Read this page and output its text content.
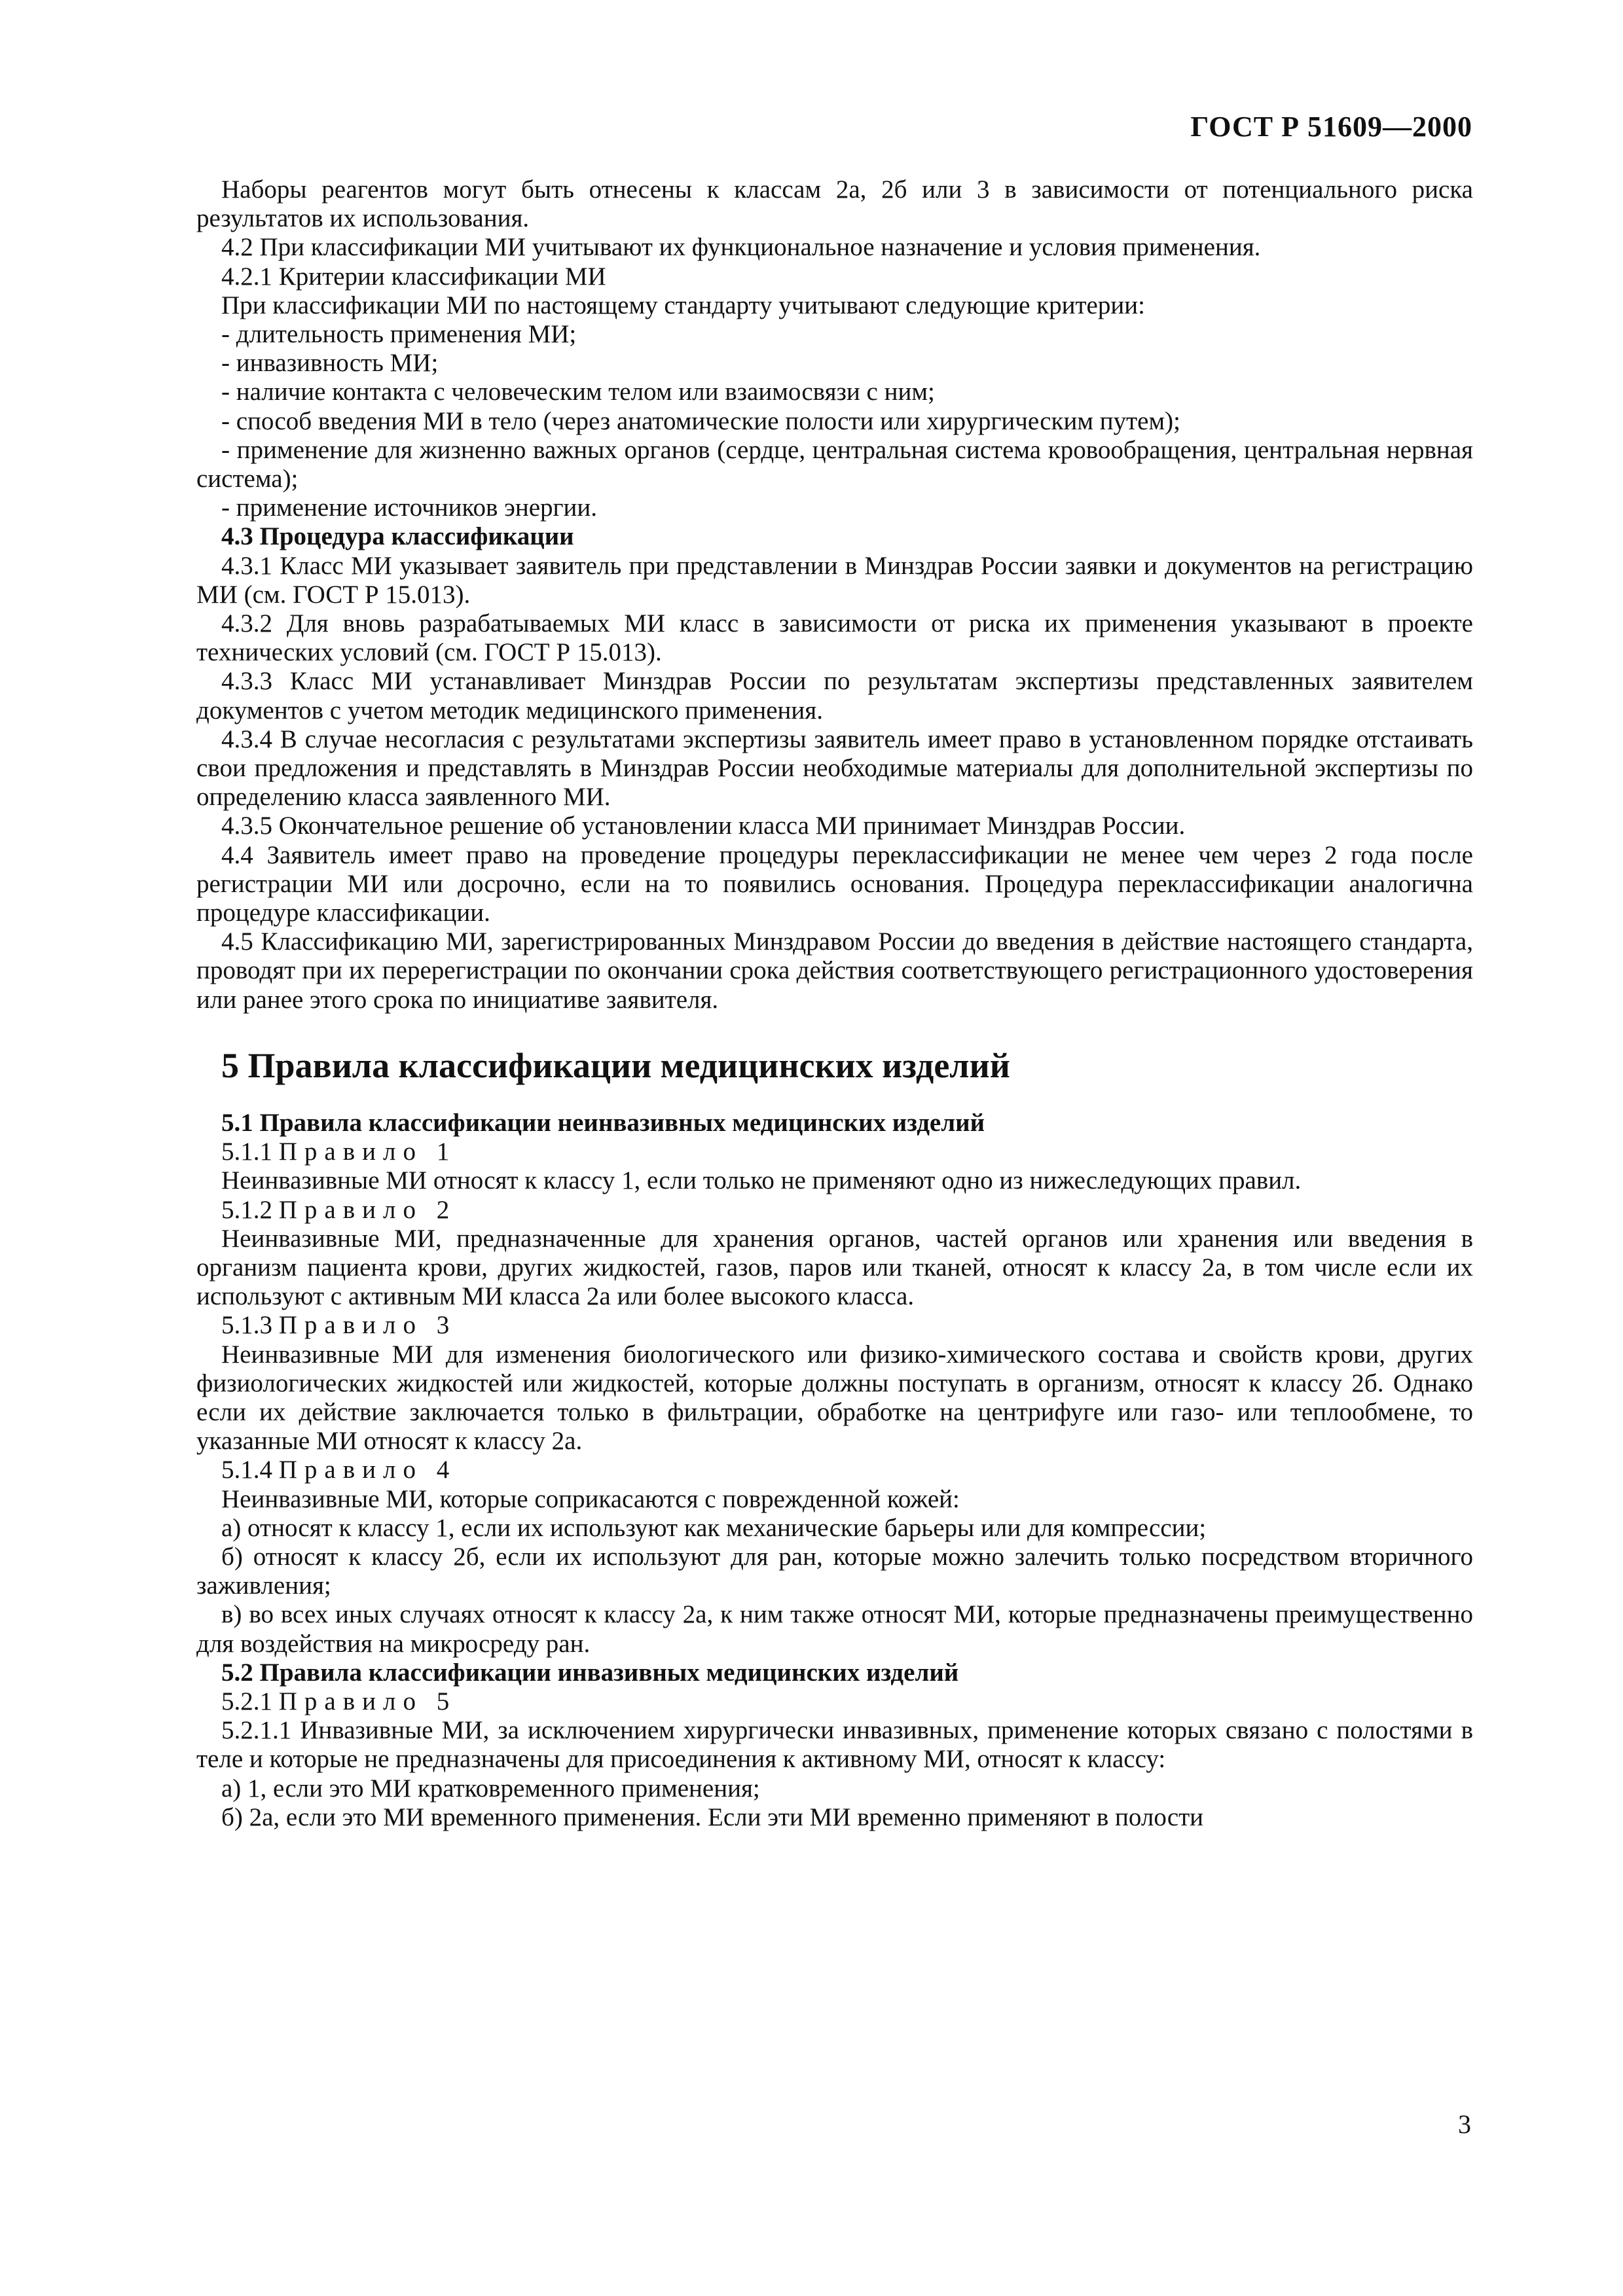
ГОСТ Р 51609—2000

Наборы реагентов могут быть отнесены к классам 2а, 2б или 3 в зависимости от потенциального риска результатов их использования.

4.2 При классификации МИ учитывают их функциональное назначение и условия применения.

4.2.1 Критерии классификации МИ

При классификации МИ по настоящему стандарту учитывают следующие критерии:

- длительность применения МИ;

- инвазивность МИ;

- наличие контакта с человеческим телом или взаимосвязи с ним;

- способ введения МИ в тело (через анатомические полости или хирургическим путем);

- применение для жизненно важных органов (сердце, центральная система кровообращения, центральная нервная система);

- применение источников энергии.

4.3 Процедура классификации

4.3.1 Класс МИ указывает заявитель при представлении в Минздрав России заявки и документов на регистрацию МИ (см. ГОСТ Р 15.013).

4.3.2 Для вновь разрабатываемых МИ класс в зависимости от риска их применения указывают в проекте технических условий (см. ГОСТ Р 15.013).

4.3.3 Класс МИ устанавливает Минздрав России по результатам экспертизы представленных заявителем документов с учетом методик медицинского применения.

4.3.4 В случае несогласия с результатами экспертизы заявитель имеет право в установленном порядке отстаивать свои предложения и представлять в Минздрав России необходимые материалы для дополнительной экспертизы по определению класса заявленного МИ.

4.3.5 Окончательное решение об установлении класса МИ принимает Минздрав России.

4.4 Заявитель имеет право на проведение процедуры переклассификации не менее чем через 2 года после регистрации МИ или досрочно, если на то появились основания. Процедура переклассификации аналогична процедуре классификации.

4.5 Классификацию МИ, зарегистрированных Минздравом России до введения в действие настоящего стандарта, проводят при их перерегистрации по окончании срока действия соответствующего регистрационного удостоверения или ранее этого срока по инициативе заявителя.

5 Правила классификации медицинских изделий

5.1 Правила классификации неинвазивных медицинских изделий

5.1.1 Правило 1

Неинвазивные МИ относят к классу 1, если только не применяют одно из нижеследующих правил.

5.1.2 Правило 2

Неинвазивные МИ, предназначенные для хранения органов, частей органов или хранения или введения в организм пациента крови, других жидкостей, газов, паров или тканей, относят к классу 2а, в том числе если их используют с активным МИ класса 2а или более высокого класса.

5.1.3 Правило 3

Неинвазивные МИ для изменения биологического или физико-химического состава и свойств крови, других физиологических жидкостей или жидкостей, которые должны поступать в организм, относят к классу 2б. Однако если их действие заключается только в фильтрации, обработке на центрифуге или газо- или теплообмене, то указанные МИ относят к классу 2а.

5.1.4 Правило 4

Неинвазивные МИ, которые соприкасаются с поврежденной кожей:

а) относят к классу 1, если их используют как механические барьеры или для компрессии;

б) относят к классу 2б, если их используют для ран, которые можно залечить только посредством вторичного заживления;

в) во всех иных случаях относят к классу 2а, к ним также относят МИ, которые предназначены преимущественно для воздействия на микросреду ран.

5.2 Правила классификации инвазивных медицинских изделий

5.2.1 Правило 5

5.2.1.1 Инвазивные МИ, за исключением хирургически инвазивных, применение которых связано с полостями в теле и которые не предназначены для присоединения к активному МИ, относят к классу:

а) 1, если это МИ кратковременного применения;

б) 2а, если это МИ временного применения. Если эти МИ временно применяют в полости

3
